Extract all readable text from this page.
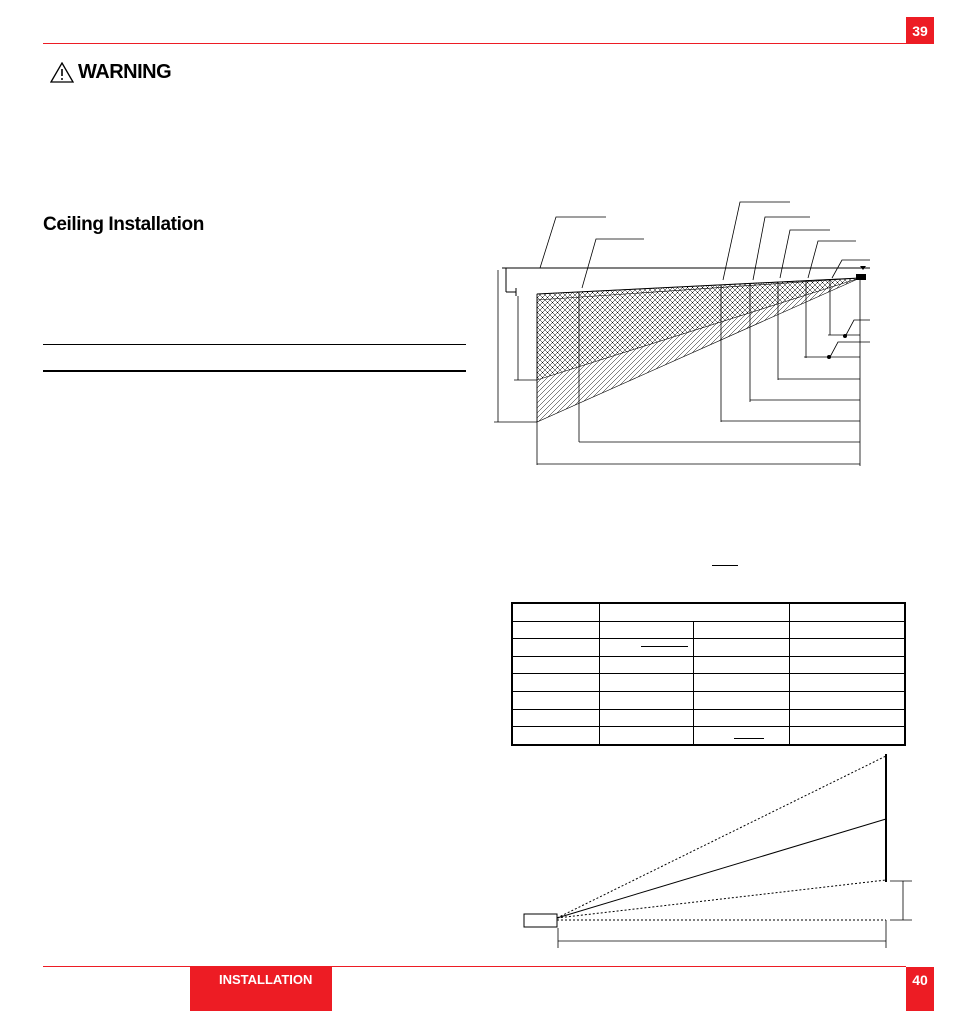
39
WARNING
Ceiling Installation

INSTALLATION	40
